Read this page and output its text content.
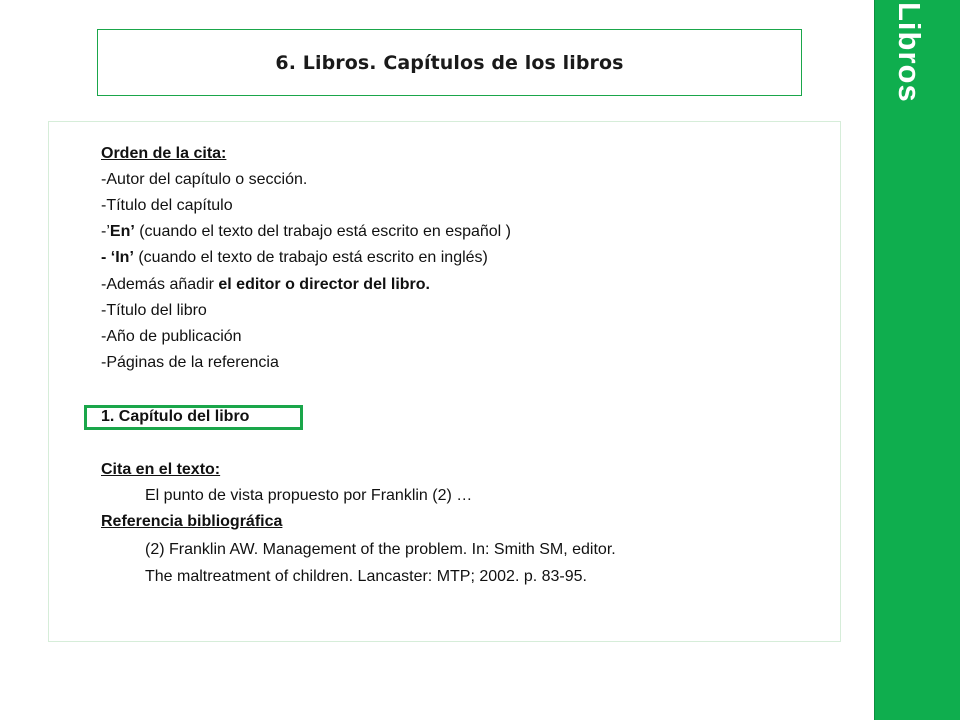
6. Libros. Capítulos de los libros	Libros
Orden de la cita:
-Autor del capítulo o sección.
-Título del capítulo
-’En’ (cuando el texto del trabajo está escrito en español )
- ‘In’ (cuando el texto de trabajo está escrito en inglés)
-Además añadir el editor o director del libro.
-Título del libro
-Año de publicación
-Páginas de la referencia
1. Capítulo del libro
Cita en el texto:
El punto de vista propuesto por Franklin (2) …
Referencia bibliográfica
(2) Franklin AW. Management of the problem. In: Smith SM, editor.
The maltreatment of children. Lancaster: MTP; 2002. p. 83-95.
